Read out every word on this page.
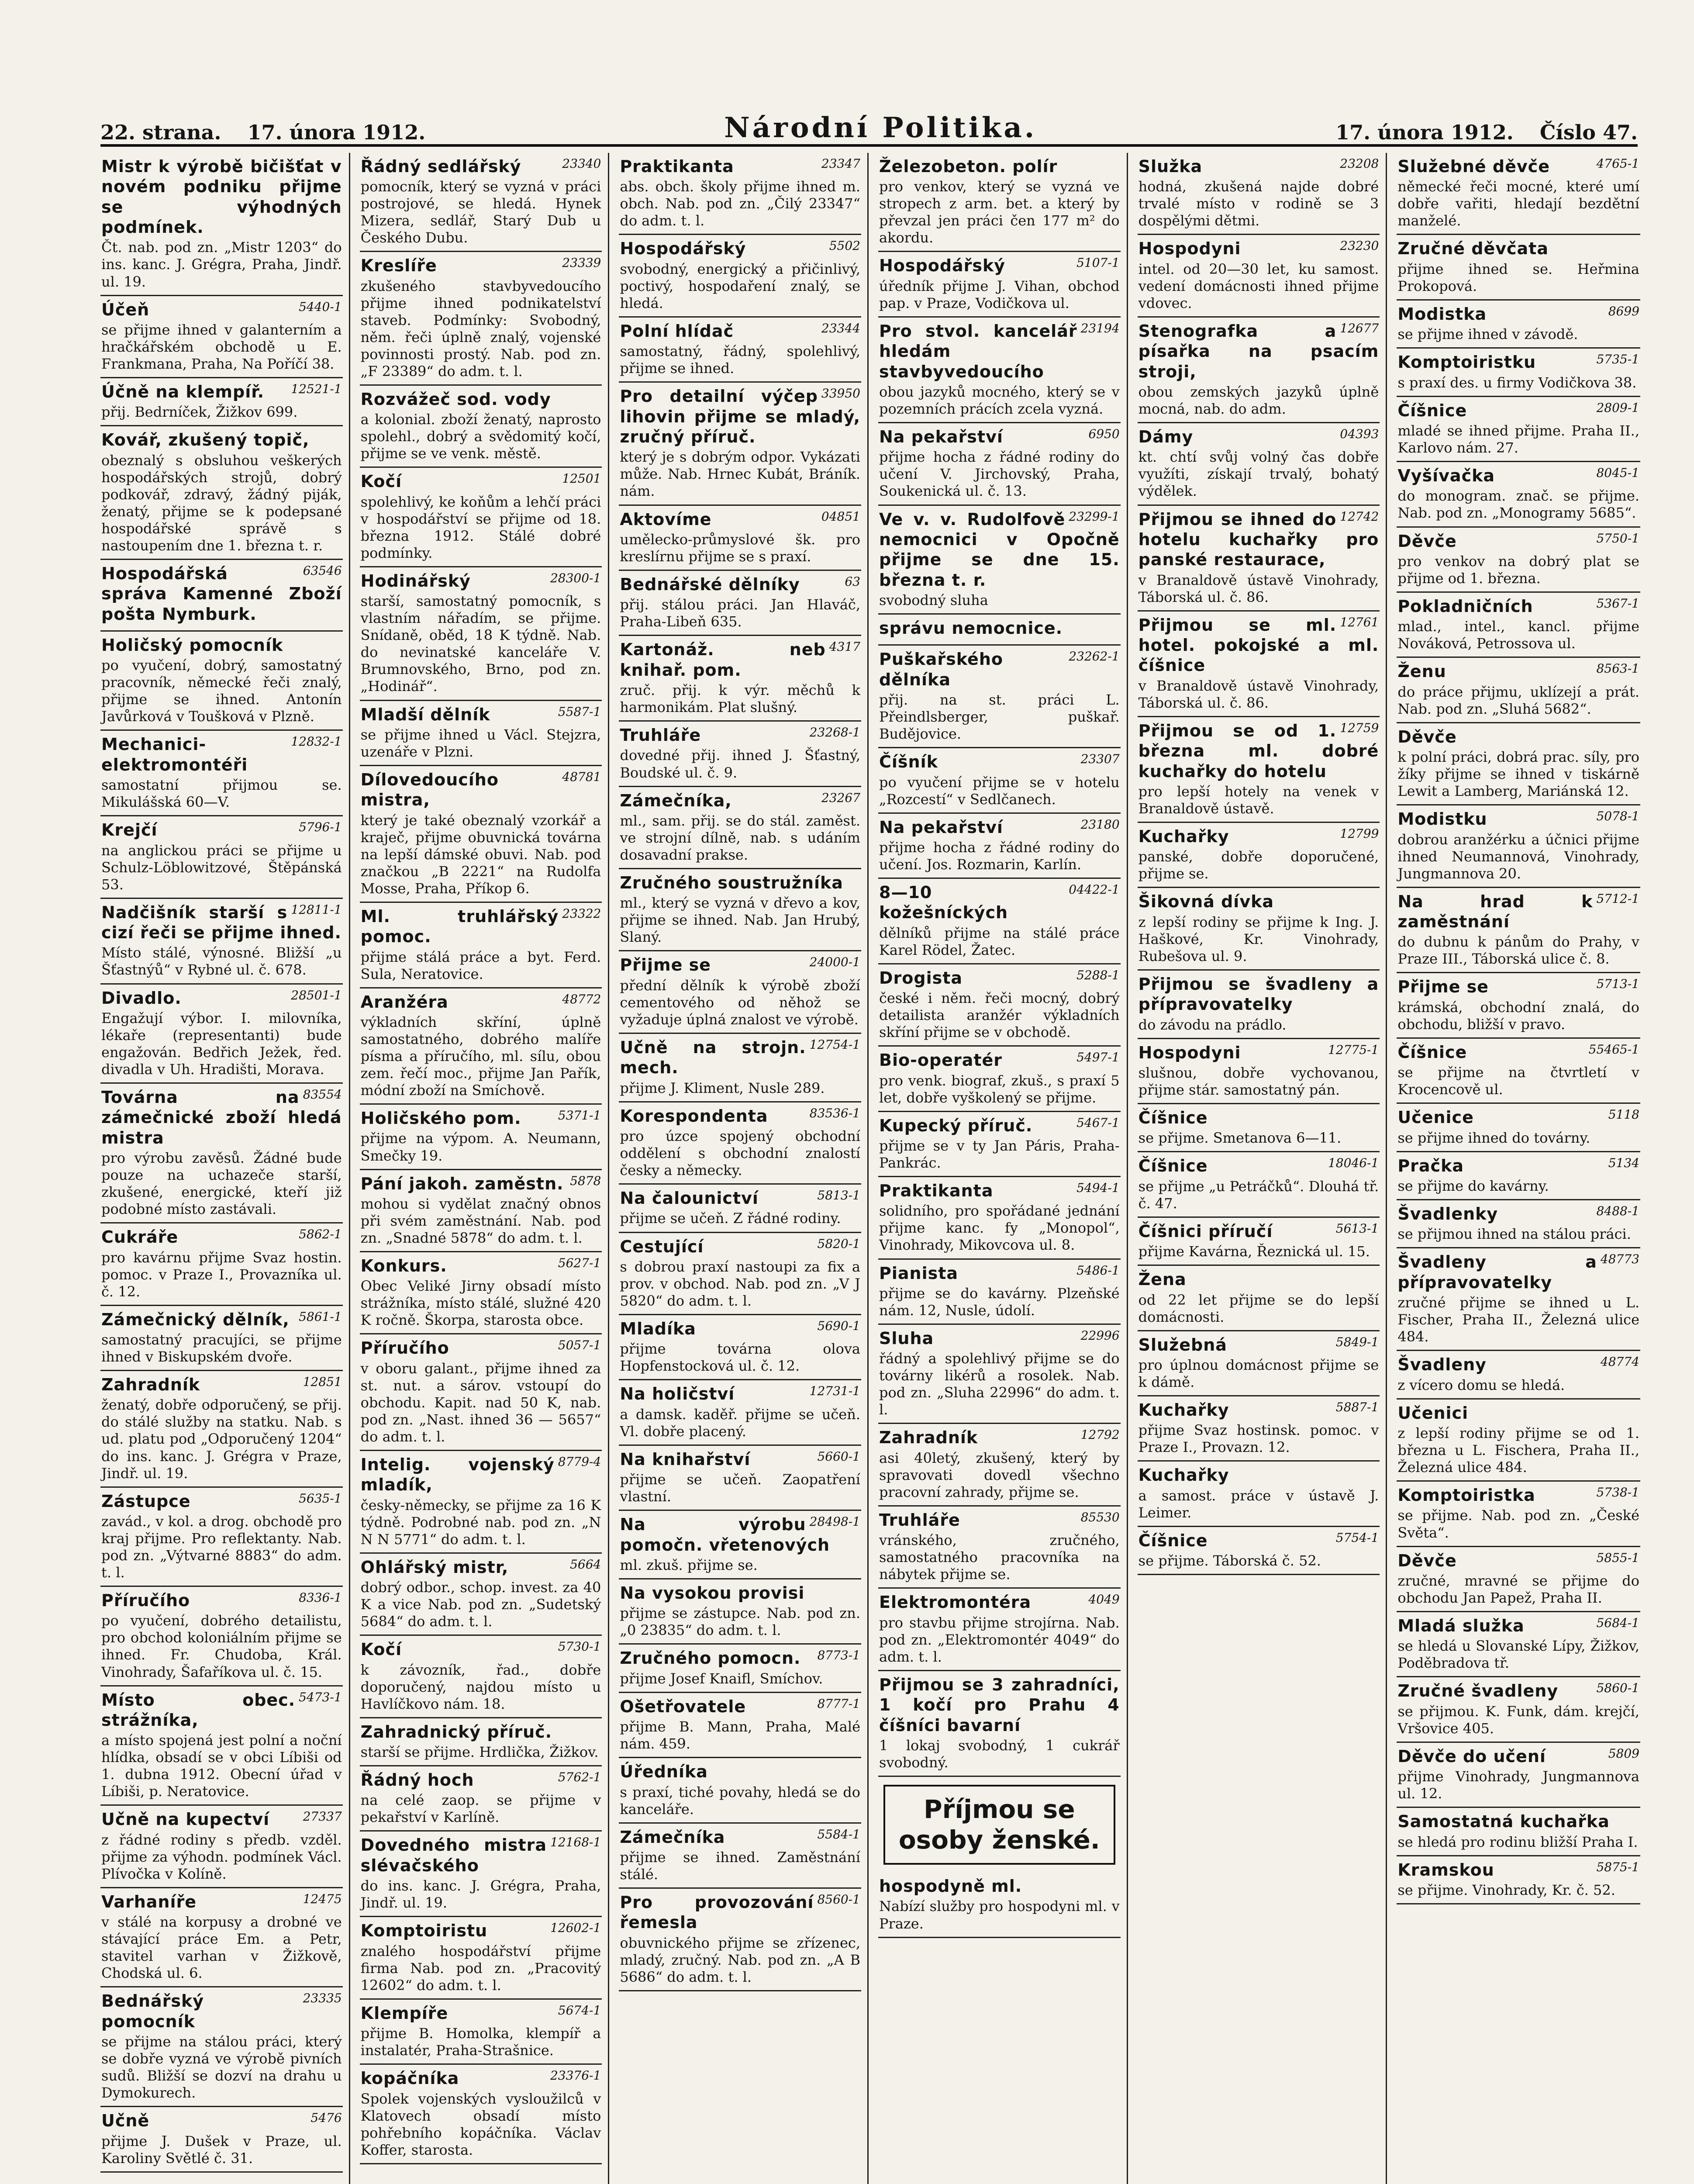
22. strana. 17. února 1912.	Národní Politika.	17. února 1912. Číslo 47.
Mistr k výrobě bičišťat v novém podniku přijme se výhodných podmínek.

Čt. nab. pod zn. „Mistr 1203“ do ins. kanc. J. Grégra, Praha, Jindř. ul. 19.

5440-1
Účeň

se přijme ihned v galanterním a hračkářském obchodě u E. Frankmana, Praha, Na Poříčí 38.

12521-1
Účně na klempíř.

přij. Bedrníček, Žižkov 699.

Kovář, zkušený topič,

obeznalý s obsluhou veškerých hospodářských strojů, dobrý podkovář, zdravý, žádný piják, ženatý, přijme se k podepsané hospodářské správě s nastoupením dne 1. března t. r.

63546
Hospodářská správa Kamenné Zboží pošta Nymburk.
Holičský pomocník

po vyučení, dobrý, samostatný pracovník, německé řeči znalý, přijme se ihned. Antonín Javůrková v Toušková v Plzně.

12832-1
Mechanici-elektromontéři

samostatní přijmou se. Mikulášská 60—V.

5796-1
Krejčí

na anglickou práci se přijme u Schulz-Löblowitzové, Štěpánská 53.

12811-1
Nadčišník starší s cizí řeči se přijme ihned.

Místo stálé, výnosné. Bližší „u Šťastnýů“ v Rybné ul. č. 678.

28501-1
Divadlo.

Engažují výbor. I. milovníka, lékaře (representanti) bude engažován. Bedřich Ježek, řed. divadla v Uh. Hradišti, Morava.

83554
Továrna na zámečnické zboží hledá mistra

pro výrobu zavěsů. Žádné bude pouze na uchazeče starší, zkušené, energické, kteří již podobné místo zastávali.

5862-1
Cukráře

pro kavárnu přijme Svaz hostin. pomoc. v Praze I., Provazníka ul. č. 12.

5861-1
Zámečnický dělník,

samostatný pracujíci, se přijme ihned v Biskupském dvoře.

12851
Zahradník

ženatý, dobře odporučený, se přij. do stálé služby na statku. Nab. s ud. platu pod „Odporučený 1204“ do ins. kanc. J. Grégra v Praze, Jindř. ul. 19.

5635-1
Zástupce

zavád., v kol. a drog. obchodě pro kraj přijme. Pro reflektanty. Nab. pod zn. „Výtvarné 8883“ do adm. t. l.

8336-1
Příručího

po vyučení, dobrého detailistu, pro obchod koloniálním přijme se ihned. Fr. Chudoba, Král. Vinohrady, Šafaříkova ul. č. 15.

5473-1
Místo obec. strážníka,

a místo spojená jest polní a noční hlídka, obsadí se v obci Líbiši od 1. dubna 1912. Obecní úřad v Líbiši, p. Neratovice.

27337
Učně na kupectví

z řádné rodiny s předb. vzděl. přijme za výhodn. podmínek Václ. Plívočka v Kolíně.

12475
Varhaníře

v stálé na korpusy a drobné ve stávající práce Em. a Petr, stavitel varhan v Žižkově, Chodská ul. 6.

23335
Bednářský pomocník

se přijme na stálou práci, který se dobře vyzná ve výrobě pivních sudů. Bližší se dozví na drahu u Dymokurech.

5476
Učně

přijme J. Dušek v Praze, ul. Karoliny Světlé č. 31.

23340
Řádný sedlářský

pomocník, který se vyzná v práci postrojové, se hledá. Hynek Mizera, sedlář, Starý Dub u Českého Dubu.

23339
Kreslíře

zkušeného stavbyvedoucího přijme ihned podnikatelství staveb. Podmínky: Svobodný, něm. řeči úplně znalý, vojenské povinnosti prostý. Nab. pod zn. „F 23389“ do adm. t. l.

Rozvážeč sod. vody

a kolonial. zboží ženatý, naprosto spolehl., dobrý a svědomitý kočí, přijme se ve venk. městě.

12501
Kočí

spolehlivý, ke koňům a lehčí práci v hospodářství se přijme od 18. března 1912. Stálé dobré podmínky.

28300-1
Hodinářský

starší, samostatný pomocník, s vlastním nářadím, se přijme. Snídaně, oběd, 18 K týdně. Nab. do nevinatské kanceláře V. Brumnovského, Brno, pod zn. „Hodinář“.

5587-1
Mladší dělník

se přijme ihned u Václ. Stejzra, uzenáře v Plzni.

48781
Dílovedoucího mistra,

který je také obeznalý vzorkář a kraječ, přijme obuvnická továrna na lepší dámské obuvi. Nab. pod značkou „B 2221“ na Rudolfa Mosse, Praha, Příkop 6.

23322
Ml. truhlářský pomoc.

přijme stálá práce a byt. Ferd. Sula, Neratovice.

48772
Aranžéra

výkladních skříní, úplně samostatného, dobrého malíře písma a příručího, ml. sílu, obou zem. řečí moc., přijme Jan Pařík, módní zboží na Smíchově.

5371-1
Holičského pom.

přijme na výpom. A. Neumann, Smečky 19.

5878
Pání jakoh. zaměstn.

mohou si vydělat značný obnos při svém zaměstnání. Nab. pod zn. „Snadné 5878“ do adm. t. l.

5627-1
Konkurs.

Obec Veliké Jirny obsadí místo strážníka, místo stálé, služné 420 K ročně. Škorpa, starosta obce.

5057-1
Příručího

v oboru galant., přijme ihned za st. nut. a sárov. vstoupí do obchodu. Kapit. nad 50 K, nab. pod zn. „Nast. ihned 36 — 5657“ do adm. t. l.

8779-4
Intelig. vojenský mladík,

česky-německy, se přijme za 16 K týdně. Podrobné nab. pod zn. „N N N 5771“ do adm. t. l.

5664
Ohlářský mistr,

dobrý odbor., schop. invest. za 40 K a vice Nab. pod zn. „Sudetský 5684“ do adm. t. l.

5730-1
Kočí

k závozník, řad., dobře doporučený, najdou místo u Havlíčkovo nám. 18.

Zahradnický příruč.

starší se přijme. Hrdlička, Žižkov.

5762-1
Řádný hoch

na celé zaop. se přijme v pekařství v Karlíně.

12168-1
Dovedného mistra slévačského

do ins. kanc. J. Grégra, Praha, Jindř. ul. 19.

12602-1
Komptoiristu

znalého hospodářství přijme firma Nab. pod zn. „Pracovitý 12602“ do adm. t. l.

5674-1
Klempíře

přijme B. Homolka, klempíř a instalatér, Praha-Strašnice.

23376-1
kopáčníka

Spolek vojenských vysloužilců v Klatovech obsadí místo pohřebního kopáčníka. Václav Koffer, starosta.

23347
Praktikanta

abs. obch. školy přijme ihned m. obch. Nab. pod zn. „Čilý 23347“ do adm. t. l.

5502
Hospodářský

svobodný, energický a přičinlivý, poctivý, hospodaření znalý, se hledá.

23344
Polní hlídač

samostatný, řádný, spolehlivý, přijme se ihned.

33950
Pro detailní výčep lihovin přijme se mladý, zručný příruč.

který je s dobrým odpor. Vykázati může. Nab. Hrnec Kubát, Bráník. nám.

04851
Aktovíme

umělecko-průmyslové šk. pro kreslírnu přijme se s praxí.

63
Bednářské dělníky

přij. stálou práci. Jan Hlaváč, Praha-Libeň 635.

4317
Kartonáž. neb knihař. pom.

zruč. přij. k výr. měchů k harmonikám. Plat slušný.

23268-1
Truhláře

dovedné přij. ihned J. Šťastný, Boudské ul. č. 9.

23267
Zámečníka,

ml., sam. přij. se do stál. zaměst. ve strojní dílně, nab. s udáním dosavadní prakse.

Zručného soustružníka

ml., který se vyzná v dřevo a kov, přijme se ihned. Nab. Jan Hrubý, Slaný.

24000-1
Přijme se

přední dělník k výrobě zboží cementového od něhož se vyžaduje úplná znalost ve výrobě.

12754-1
Učně na strojn. mech.

přijme J. Kliment, Nusle 289.

83536-1
Korespondenta

pro úzce spojený obchodní oddělení s obchodní znalostí česky a německy.

5813-1
Na čalounictví

přijme se učeň. Z řádné rodiny.

5820-1
Cestující

s dobrou praxí nastoupi za fix a prov. v obchod. Nab. pod zn. „V J 5820“ do adm. t. l.

5690-1
Mladíka

přijme továrna olova Hopfenstocková ul. č. 12.

12731-1
Na holičství

a damsk. kaděř. přijme se učeň. Vl. dobře placený.

5660-1
Na knihařství

přijme se učeň. Zaopatření vlastní.

28498-1
Na výrobu pomočn. vřetenových

ml. zkuš. přijme se.

Na vysokou provisi

přijme se zástupce. Nab. pod zn. „0 23835“ do adm. t. l.

8773-1
Zručného pomocn.

přijme Josef Knaifl, Smíchov.

8777-1
Ošetřovatele

přijme B. Mann, Praha, Malé nám. 459.

Úředníka

s praxí, tiché povahy, hledá se do kanceláře.

5584-1
Zámečníka

přijme se ihned. Zaměstnání stálé.

8560-1
Pro provozování řemesla

obuvnického přijme se zřízenec, mladý, zručný. Nab. pod zn. „A B 5686“ do adm. t. l.

Železobeton. polír

pro venkov, který se vyzná ve stropech z arm. bet. a který by převzal jen práci čen 177 m² do akordu.

5107-1
Hospodářský

úředník přijme J. Vihan, obchod pap. v Praze, Vodičkova ul.

23194
Pro stvol. kancelář hledám stavbyvedoucího

obou jazyků mocného, který se v pozemních prácích zcela vyzná.

6950
Na pekařství

přijme hocha z řádné rodiny do učení V. Jirchovský, Praha, Soukenická ul. č. 13.

23299-1
Ve v. v. Rudolfově nemocnici v Opočně přijme se dne 15. března t. r.

svobodný sluha

správu nemocnice.
23262-1
Puškařského dělníka

přij. na st. práci L. Přeindlsberger, puškař. Budějovice.

23307
Číšník

po vyučení přijme se v hotelu „Rozcestí“ v Sedlčanech.

23180
Na pekařství

přijme hocha z řádné rodiny do učení. Jos. Rozmarin, Karlín.

04422-1
8—10 kožešníckých

dělníků přijme na stálé práce Karel Rödel, Žatec.

5288-1
Drogista

české i něm. řeči mocný, dobrý detailista aranžér výkladních skříní přijme se v obchodě.

5497-1
Bio-operatér

pro venk. biograf, zkuš., s praxí 5 let, dobře vyškolený se přijme.

5467-1
Kupecký příruč.

přijme se v ty Jan Páris, Praha-Pankrác.

5494-1
Praktikanta

solidního, pro spořádané jednání přijme kanc. fy „Monopol“, Vinohrady, Mikovcova ul. 8.

5486-1
Pianista

přijme se do kavárny. Plzeňské nám. 12, Nusle, údolí.

22996
Sluha

řádný a spolehlivý přijme se do továrny likérů a rosolek. Nab. pod zn. „Sluha 22996“ do adm. t. l.

12792
Zahradník

asi 40letý, zkušený, který by spravovati dovedl všechno pracovní zahrady, přijme se.

85530
Truhláře

vránského, zručného, samostatného pracovníka na nábytek přijme se.

4049
Elektromontéra

pro stavbu přijme strojírna. Nab. pod zn. „Elektromontér 4049“ do adm. t. l.

Přijmou se 3 zahradníci, 1 kočí pro Prahu 4 číšníci bavarní

1 lokaj svobodný, 1 cukrář svobodný.

Příjmou se osoby ženské.
hospodyně ml.

Nabízí služby pro hospodyni ml. v Praze.

23208
Služka

hodná, zkušená najde dobré trvalé místo v rodině se 3 dospělými dětmi.

23230
Hospodyni

intel. od 20—30 let, ku samost. vedení domácnosti ihned přijme vdovec.

12677
Stenografka a písařka na psacím stroji,

obou zemských jazyků úplně mocná, nab. do adm.

04393
Dámy

kt. chtí svůj volný čas dobře využíti, získají trvalý, bohatý výdělek.

12742
Přijmou se ihned do hotelu kuchařky pro panské restaurace,

v Branaldově ústavě Vinohrady, Táborská ul. č. 86.

12761
Přijmou se ml. hotel. pokojské a ml. číšnice

v Branaldově ústavě Vinohrady, Táborská ul. č. 86.

12759
Přijmou se od 1. března ml. dobré kuchařky do hotelu

pro lepší hotely na venek v Branaldově ústavě.

12799
Kuchařky

panské, dobře doporučené, přijme se.

Šikovná dívka

z lepší rodiny se přijme k Ing. J. Haškové, Kr. Vinohrady, Rubešova ul. 9.

Přijmou se švadleny a přípravovatelky

do závodu na prádlo.

12775-1
Hospodyni

slušnou, dobře vychovanou, přijme stár. samostatný pán.

Číšnice

se přijme. Smetanova 6—11.

18046-1
Číšnice

se přijme „u Petráčků“. Dlouhá tř. č. 47.

5613-1
Číšnici příručí

přijme Kavárna, Řeznická ul. 15.

Žena

od 22 let přijme se do lepší domácnosti.

5849-1
Služebná

pro úplnou domácnost přijme se k dámě.

5887-1
Kuchařky

přijme Svaz hostinsk. pomoc. v Praze I., Provazn. 12.

Kuchařky

a samost. práce v ústavě J. Leimer.

5754-1
Číšnice

se přijme. Táborská č. 52.

4765-1
Služebné děvče

německé řeči mocné, které umí dobře vařiti, hledají bezdětní manželé.

Zručné děvčata

přijme ihned se. Heřmina Prokopová.

8699
Modistka

se přijme ihned v závodě.

5735-1
Komptoiristku

s praxí des. u firmy Vodičkova 38.

2809-1
Číšnice

mladé se ihned přijme. Praha II., Karlovo nám. 27.

8045-1
Vyšívačka

do monogram. znač. se přijme. Nab. pod zn. „Monogramy 5685“.

5750-1
Děvče

pro venkov na dobrý plat se přijme od 1. března.

5367-1
Pokladničních

mlad., intel., kancl. přijme Nováková, Petrossova ul.

8563-1
Ženu

do práce přijmu, uklízejí a prát. Nab. pod zn. „Sluhá 5682“.

Děvče

k polní práci, dobrá prac. síly, pro žíky přijme se ihned v tiskárně Lewit a Lamberg, Mariánská 12.

5078-1
Modistku

dobrou aranžérku a účnici přijme ihned Neumannová, Vinohrady, Jungmannova 20.

5712-1
Na hrad k zaměstnání

do dubnu k pánům do Prahy, v Praze III., Táborská ulice č. 8.

5713-1
Přijme se

krámská, obchodní znalá, do obchodu, bližší v pravo.

55465-1
Číšnice

se přijme na čtvrtletí v Krocencově ul.

5118
Učenice

se přijme ihned do továrny.

5134
Pračka

se přijme do kavárny.

8488-1
Švadlenky

se přijmou ihned na stálou práci.

48773
Švadleny a přípravovatelky

zručné přijme se ihned u L. Fischer, Praha II., Železná ulice 484.

48774
Švadleny

z vícero domu se hledá.

Učenici

z lepší rodiny přijme se od 1. března u L. Fischera, Praha II., Železná ulice 484.

5738-1
Komptoiristka

se přijme. Nab. pod zn. „České Světa“.

5855-1
Děvče

zručné, mravné se přijme do obchodu Jan Papež, Praha II.

5684-1
Mladá služka

se hledá u Slovanské Lípy, Žižkov, Poděbradova tř.

5860-1
Zručné švadleny

se přijmou. K. Funk, dám. krejčí, Vršovice 405.

5809
Děvče do učení

přijme Vinohrady, Jungmannova ul. 12.

Samostatná kuchařka

se hledá pro rodinu bližší Praha I.

5875-1
Kramskou

se přijme. Vinohrady, Kr. č. 52.
